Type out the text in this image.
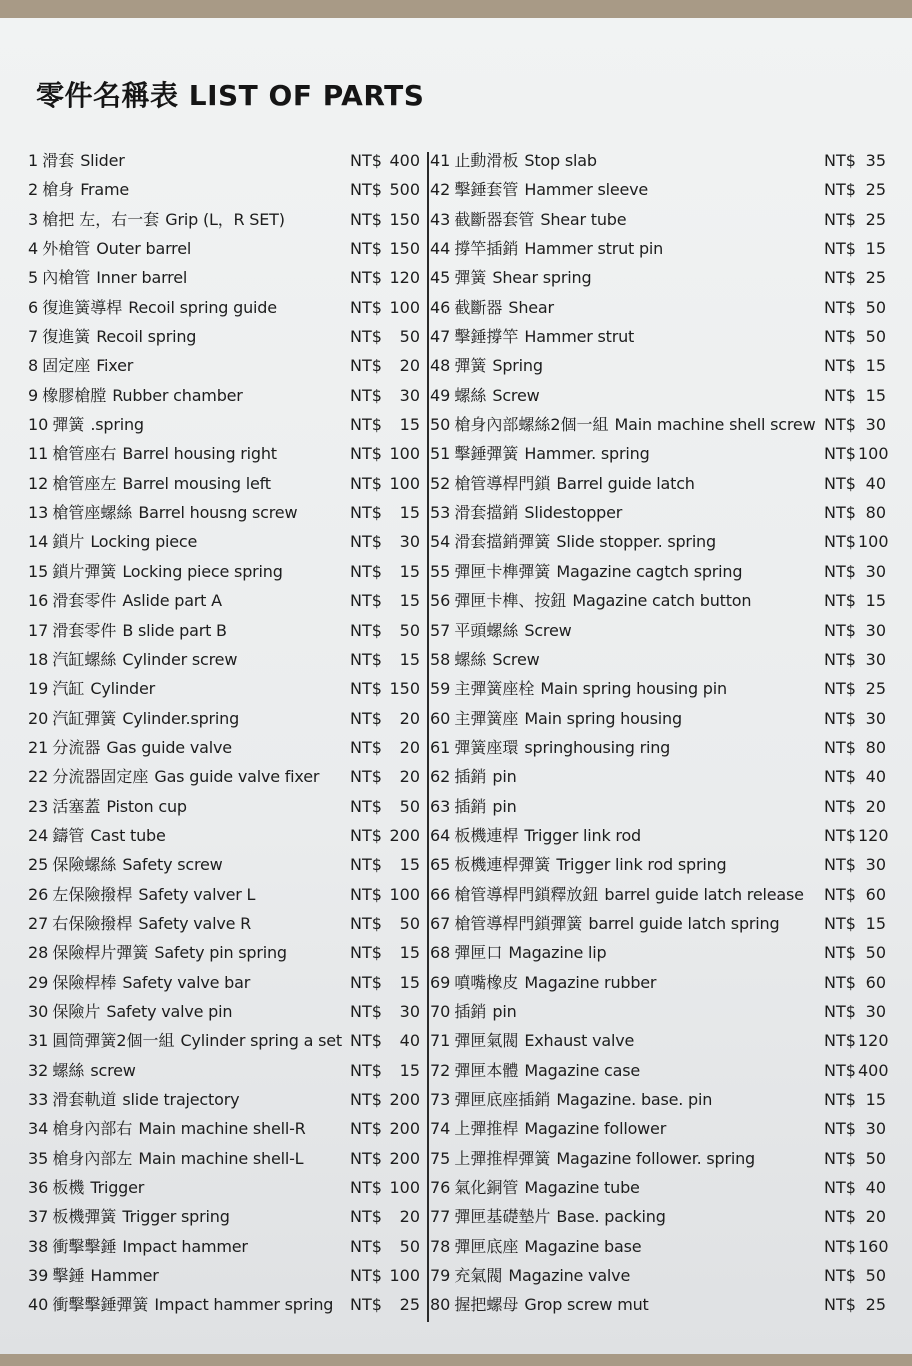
零件名稱表 LIST OF PARTS
1 滑套 Slider	NT$ 400
2 槍身 Frame	NT$ 500
3 槍把 左，右一套 Grip (L，R SET)	NT$ 150
4 外槍管 Outer barrel	NT$ 150
5 內槍管 Inner barrel	NT$ 120
6 復進簧導桿 Recoil spring guide	NT$ 100
7 復進簧 Recoil spring	NT$ 50
8 固定座 Fixer	NT$ 20
9 橡膠槍膛 Rubber chamber	NT$ 30
10 彈簧 .spring	NT$ 15
11 槍管座右 Barrel housing right	NT$ 100
12 槍管座左 Barrel mousing left	NT$ 100
13 槍管座螺絲 Barrel housng screw	NT$ 15
14 鎖片 Locking piece	NT$ 30
15 鎖片彈簧 Locking piece spring	NT$ 15
16 滑套零件 Aslide part A	NT$ 15
17 滑套零件 B slide part B	NT$ 50
18 汽缸螺絲 Cylinder screw	NT$ 15
19 汽缸 Cylinder	NT$ 150
20 汽缸彈簧 Cylinder.spring	NT$ 20
21 分流器 Gas guide valve	NT$ 20
22 分流器固定座 Gas guide valve fixer NT$ 20
23 活塞蓋 Piston cup	NT$ 50
24 鑄管 Cast tube	NT$ 200
25 保險螺絲 Safety screw	NT$ 15
26 左保險撥桿 Safety valver L	NT$ 100
27 右保險撥桿 Safety valve R	NT$ 50
28 保險桿片彈簧 Safety pin spring	NT$ 15
29 保險桿棒 Safety valve bar	NT$ 15
30 保險片 Safety valve pin	NT$ 30
31 圓筒彈簧2個一組 Cylinder spring a set NT$ 40
32 螺絲 screw	NT$ 15
33 滑套軌道 slide trajectory	NT$ 200
34 槍身內部右 Main machine shell-R	NT$ 200
35 槍身內部左 Main machine shell-L	NT$ 200
36 板機 Trigger	NT$ 100
37 板機彈簧 Trigger spring	NT$ 20
38 衝擊擊錘 Impact hammer	NT$ 50
39 擊錘 Hammer	NT$ 100
40 衝擊擊錘彈簧 Impact hammer spring NT$ 25
41 止動滑板 Stop slab	NT$ 35
42 擊錘套管 Hammer sleeve	NT$ 25
43 截斷器套管 Shear tube	NT$ 25
44 撐竿插銷 Hammer strut pin	NT$ 15
45 彈簧 Shear spring	NT$ 25
46 截斷器 Shear	NT$ 50
47 擊錘撐竿 Hammer strut	NT$ 50
48 彈簧 Spring	NT$ 15
49 螺絲 Screw	NT$ 15
50 槍身內部螺絲2個一組 Main machine shell screw NT$ 30
51 擊錘彈簧 Hammer. spring	NT$ 100
52 槍管導桿門鎖 Barrel guide latch	NT$ 40
53 滑套擋銷 Slidestopper	NT$ 80
54 滑套擋銷彈簧 Slide stopper. spring	NT$ 100
55 彈匣卡榫彈簧 Magazine cagtch spring	NT$ 30
56 彈匣卡榫、按鈕 Magazine catch button	NT$ 15
57 平頭螺絲 Screw	NT$ 30
58 螺絲 Screw	NT$ 30
59 主彈簧座栓 Main spring housing pin	NT$ 25
60 主彈簧座 Main spring housing	NT$ 30
61 彈簧座環 springhousing ring	NT$ 80
62 插銷 pin	NT$ 40
63 插銷 pin	NT$ 20
64 板機連桿 Trigger link rod	NT$ 120
65 板機連桿彈簧 Trigger link rod spring	NT$ 30
66 槍管導桿門鎖釋放鈕 barrel guide latch release NT$ 60
67 槍管導桿門鎖彈簧 barrel guide latch spring	NT$ 15
68 彈匣口 Magazine lip	NT$ 50
69 噴嘴橡皮 Magazine rubber	NT$ 60
70 插銷 pin	NT$ 30
71 彈匣氣閥 Exhaust valve	NT$ 120
72 彈匣本體 Magazine case	NT$ 400
73 彈匣底座插銷 Magazine. base. pin	NT$ 15
74 上彈推桿 Magazine follower	NT$ 30
75 上彈推桿彈簧 Magazine follower. spring	NT$ 50
76 氣化銅管 Magazine tube	NT$ 40
77 彈匣基礎墊片 Base. packing	NT$ 20
78 彈匣底座 Magazine base	NT$ 160
79 充氣閥 Magazine valve	NT$ 50
80 握把螺母 Grop screw mut	NT$ 25
